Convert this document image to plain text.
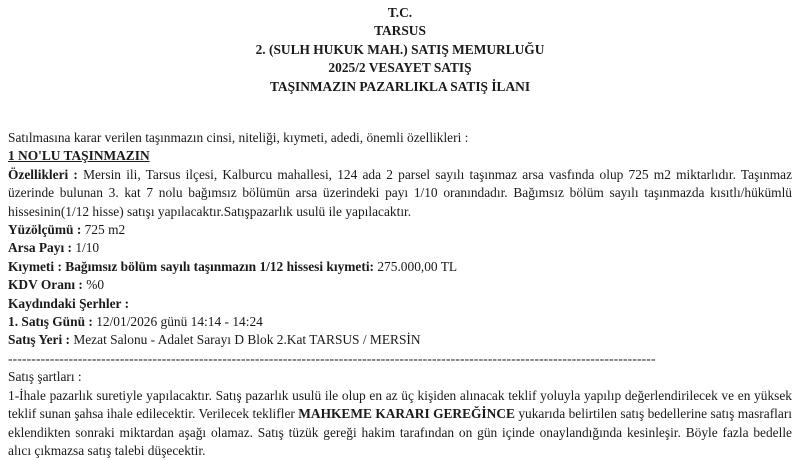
T.C.
TARSUS
2. (SULH HUKUK MAH.) SATIŞ MEMURLUĞU
2025/2 VESAYET SATIŞ
TAŞINMAZIN PAZARLIKLA SATIŞ İLANI
Satılmasına karar verilen taşınmazın cinsi, niteliği, kıymeti, adedi, önemli özellikleri :
1 NO'LU TAŞINMAZIN
Özellikleri : Mersin ili, Tarsus ilçesi, Kalburcu mahallesi, 124 ada 2 parsel sayılı taşınmaz arsa vasfında olup 725 m2 miktarlıdır. Taşınmaz üzerinde bulunan 3. kat 7 nolu bağımsız bölümün arsa üzerindeki payı 1/10 oranındadır. Bağımsız bölüm sayılı taşınmazda kısıtlı/hükümlü hissesinin(1/12 hisse) satışı yapılacaktır.Satışpazarlık usulü ile yapılacaktır.
Yüzölçümü : 725 m2
Arsa Payı : 1/10
Kıymeti : Bağımsız bölüm sayılı taşınmazın 1/12 hissesi kıymeti: 275.000,00 TL
KDV Oranı : %0
Kaydındaki Şerhler :
1. Satış Günü : 12/01/2026 günü 14:14 - 14:24
Satış Yeri : Mezat Salonu - Adalet Sarayı D Blok 2.Kat TARSUS / MERSİN
-------------------------------------------------------------------------------------------------------------------------------------------
Satış şartları :
1-İhale pazarlık suretiyle yapılacaktır. Satış pazarlık usulü ile olup en az üç kişiden alınacak teklif yoluyla yapılıp değerlendirilecek ve en yüksek teklif sunan şahsa ihale edilecektir. Verilecek teklifler MAHKEME KARARI GEREĞİNCE yukarıda belirtilen satış bedellerine satış masrafları eklendikten sonraki miktardan aşağı olamaz. Satış tüzük gereği hakim tarafından on gün içinde onaylandığında kesinleşir. Böyle fazla bedelle alıcı çıkmazsa satış talebi düşecektir.
